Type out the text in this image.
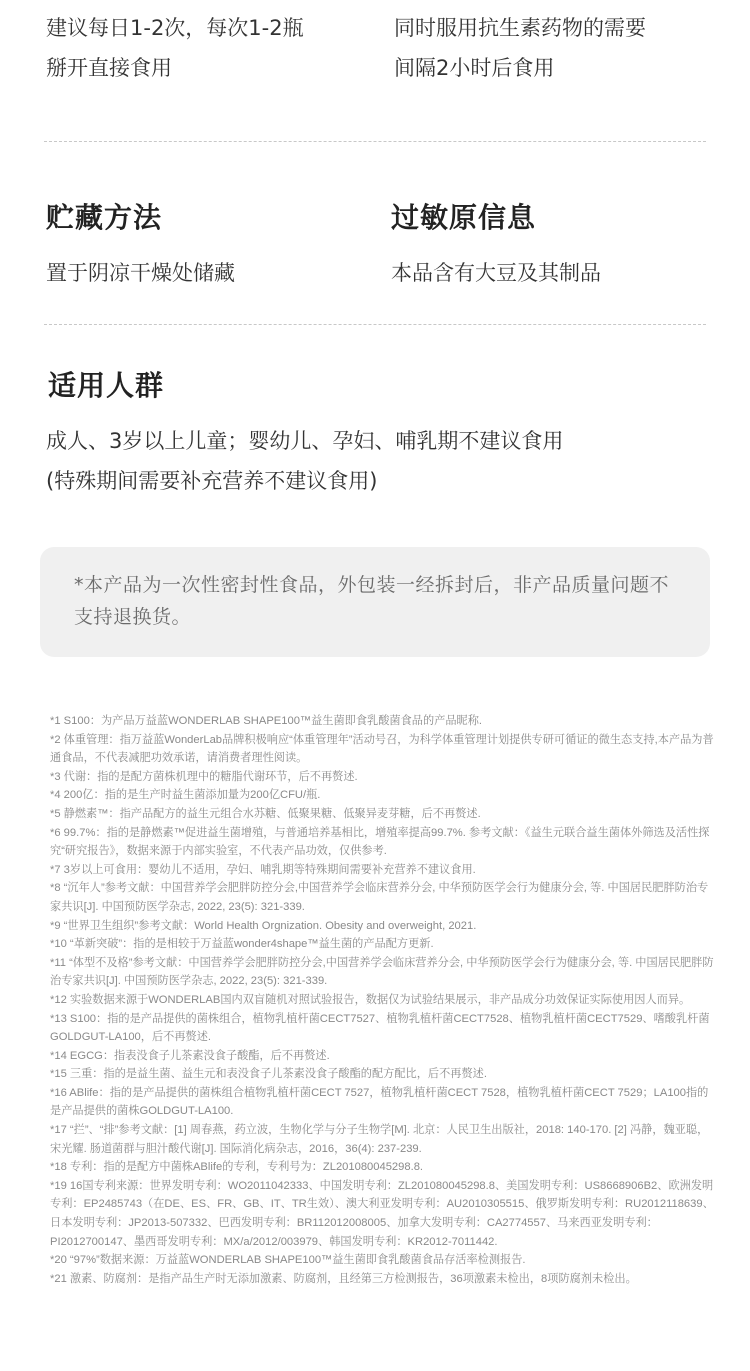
建议每日1-2次，每次1-2瓶
掰开直接食用
同时服用抗生素药物的需要
间隔2小时后食用
贮藏方法
置于阴凉干燥处储藏
过敏原信息
本品含有大豆及其制品
适用人群
成人、3岁以上儿童；婴幼儿、孕妇、哺乳期不建议食用
(特殊期间需要补充营养不建议食用)
*本产品为一次性密封性食品，外包装一经拆封后，非产品质量问题不支持退换货。

*1 S100：为产品万益蓝WONDERLAB SHAPE100™益生菌即食乳酸菌食品的产品昵称.

*2 体重管理：指万益蓝WonderLab品牌积极响应“体重管理年”活动号召，为科学体重管理计划提供专研可循证的微生态支持,本产品为普通食品，不代表减肥功效承诺，请消费者理性阅读。

*3 代谢：指的是配方菌株机理中的糖脂代谢环节，后不再赘述.

*4 200亿：指的是生产时益生菌添加量为200亿CFU/瓶.

*5 静燃素™：指产品配方的益生元组合水苏糖、低聚果糖、低聚异麦芽糖，后不再赘述.

*6 99.7%：指的是静燃素™促进益生菌增殖，与普通培养基相比，增殖率提高99.7%. 参考文献：《益生元联合益生菌体外筛选及活性探究“研究报告》，数据来源于内部实验室，不代表产品功效，仅供参考.

*7 3岁以上可食用：婴幼儿不适用，孕妇、哺乳期等特殊期间需要补充营养不建议食用.

*8 “沉年人”参考文献：中国营养学会肥胖防控分会,中国营养学会临床营养分会, 中华预防医学会行为健康分会, 等. 中国居民肥胖防治专家共识[J]. 中国预防医学杂志, 2022, 23(5): 321-339.

*9 “世界卫生组织”参考文献：World Health Orgnization. Obesity and overweight, 2021.

*10 “革新突破”：指的是相较于万益蓝wonder4shape™益生菌的产品配方更新.

*11 “体型不及格”参考文献：中国营养学会肥胖防控分会,中国营养学会临床营养分会, 中华预防医学会行为健康分会, 等. 中国居民肥胖防治专家共识[J]. 中国预防医学杂志, 2022, 23(5): 321-339.

*12 实验数据来源于WONDERLAB国内双盲随机对照试验报告，数据仅为试验结果展示，非产品成分功效保证实际使用因人而异。

*13 S100：指的是产品提供的菌株组合，植物乳植杆菌CECT7527、植物乳植杆菌CECT7528、植物乳植杆菌CECT7529、嗜酸乳杆菌GOLDGUT-LA100，后不再赘述.

*14 EGCG：指表没食子儿茶素没食子酸酯，后不再赘述.

*15 三重：指的是益生菌、益生元和表没食子儿茶素没食子酸酯的配方配比，后不再赘述.

*16 ABlife：指的是产品提供的菌株组合植物乳植杆菌CECT 7527，植物乳植杆菌CECT 7528，植物乳植杆菌CECT 7529；LA100指的是产品提供的菌株GOLDGUT-LA100.

*17 “拦”、“排”参考文献：[1] 周春燕，药立波，生物化学与分子生物学[M]. 北京：人民卫生出版社，2018: 140-170. [2] 冯静，魏亚聪，宋光耀. 肠道菌群与胆汁酸代谢[J]. 国际消化病杂志，2016，36(4): 237-239.

*18 专利：指的是配方中菌株ABlife的专利，专利号为：ZL201080045298.8.

*19 16国专利来源：世界发明专利：WO2011042333、中国发明专利：ZL201080045298.8、美国发明专利：US8668906B2、欧洲发明专利：EP2485743（在DE、ES、FR、GB、IT、TR生效）、澳大利亚发明专利：AU2010305515、俄罗斯发明专利：RU2012118639、日本发明专利：JP2013-507332、巴西发明专利：BR112012008005、加拿大发明专利：CA2774557、马来西亚发明专利：PI2012700147、墨西哥发明专利：MX/a/2012/003979、韩国发明专利：KR2012-7011442.

*20 “97%”数据来源：万益蓝WONDERLAB SHAPE100™益生菌即食乳酸菌食品存活率检测报告.

*21 激素、防腐剂：是指产品生产时无添加激素、防腐剂，且经第三方检测报告，36项激素未检出，8项防腐剂未检出。
